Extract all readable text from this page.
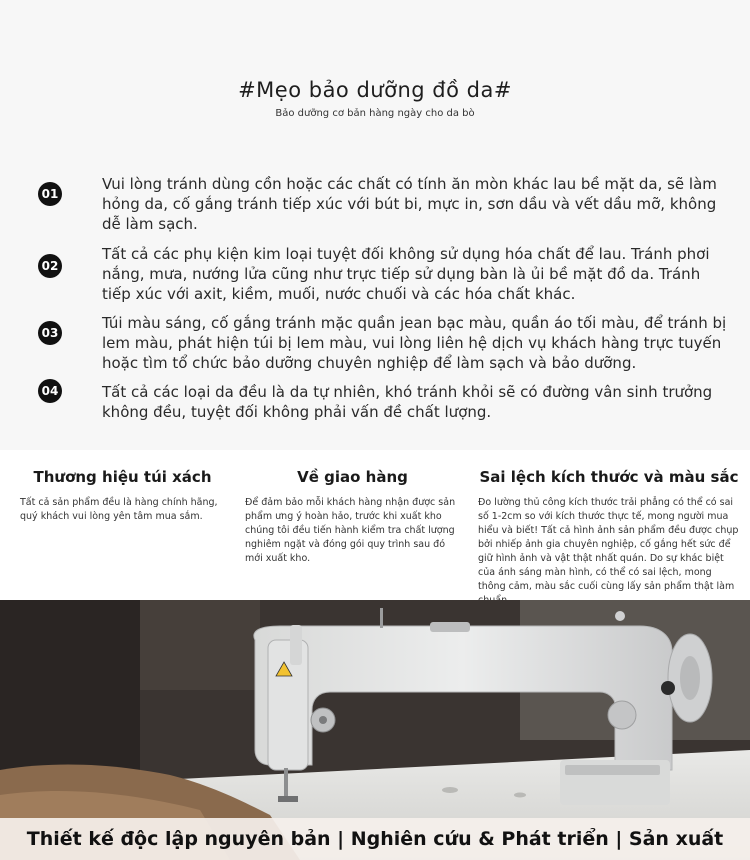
#Mẹo bảo dưỡng đồ da#
Bảo dưỡng cơ bản hàng ngày cho da bò
01
Vui lòng tránh dùng cồn hoặc các chất có tính ăn mòn khác lau bề mặt da, sẽ làm hỏng da, cố gắng tránh tiếp xúc với bút bi, mực in, sơn dầu và vết dầu mỡ, không dễ làm sạch.
02
Tất cả các phụ kiện kim loại tuyệt đối không sử dụng hóa chất để lau. Tránh phơi nắng, mưa, nướng lửa cũng như trực tiếp sử dụng bàn là ủi bề mặt đồ da. Tránh tiếp xúc với axit, kiềm, muối, nước chuối và các hóa chất khác.
03
Túi màu sáng, cố gắng tránh mặc quần jean bạc màu, quần áo tối màu, để tránh bị lem màu, phát hiện túi bị lem màu, vui lòng liên hệ dịch vụ khách hàng trực tuyến hoặc tìm tổ chức bảo dưỡng chuyên nghiệp để làm sạch và bảo dưỡng.
04	Tất cả các loại da đều là da tự nhiên, khó tránh khỏi sẽ có đường vân sinh trưởng không đều, tuyệt đối không phải vấn đề chất lượng.
Thương hiệu túi xách

Tất cả sản phẩm đều là hàng chính hãng, quý khách vui lòng yên tâm mua sắm.

Về giao hàng

Để đảm bảo mỗi khách hàng nhận được sản phẩm ưng ý hoàn hảo, trước khi xuất kho chúng tôi đều tiến hành kiểm tra chất lượng nghiêm ngặt và đóng gói quy trình sau đó mới xuất kho.

Sai lệch kích thước và màu sắc

Đo lường thủ công kích thước trải phẳng có thể có sai số 1-2cm so với kích thước thực tế, mong người mua hiểu và biết! Tất cả hình ảnh sản phẩm đều được chụp bởi nhiếp ảnh gia chuyên nghiệp, cố gắng hết sức để giữ hình ảnh và vật thật nhất quán. Do sự khác biệt của ánh sáng màn hình, có thể có sai lệch, mong thông cảm, màu sắc cuối cùng lấy sản phẩm thật làm

Thiết kế độc lập nguyên bản | Nghiên cứu & Phát triển | Sản xuất
